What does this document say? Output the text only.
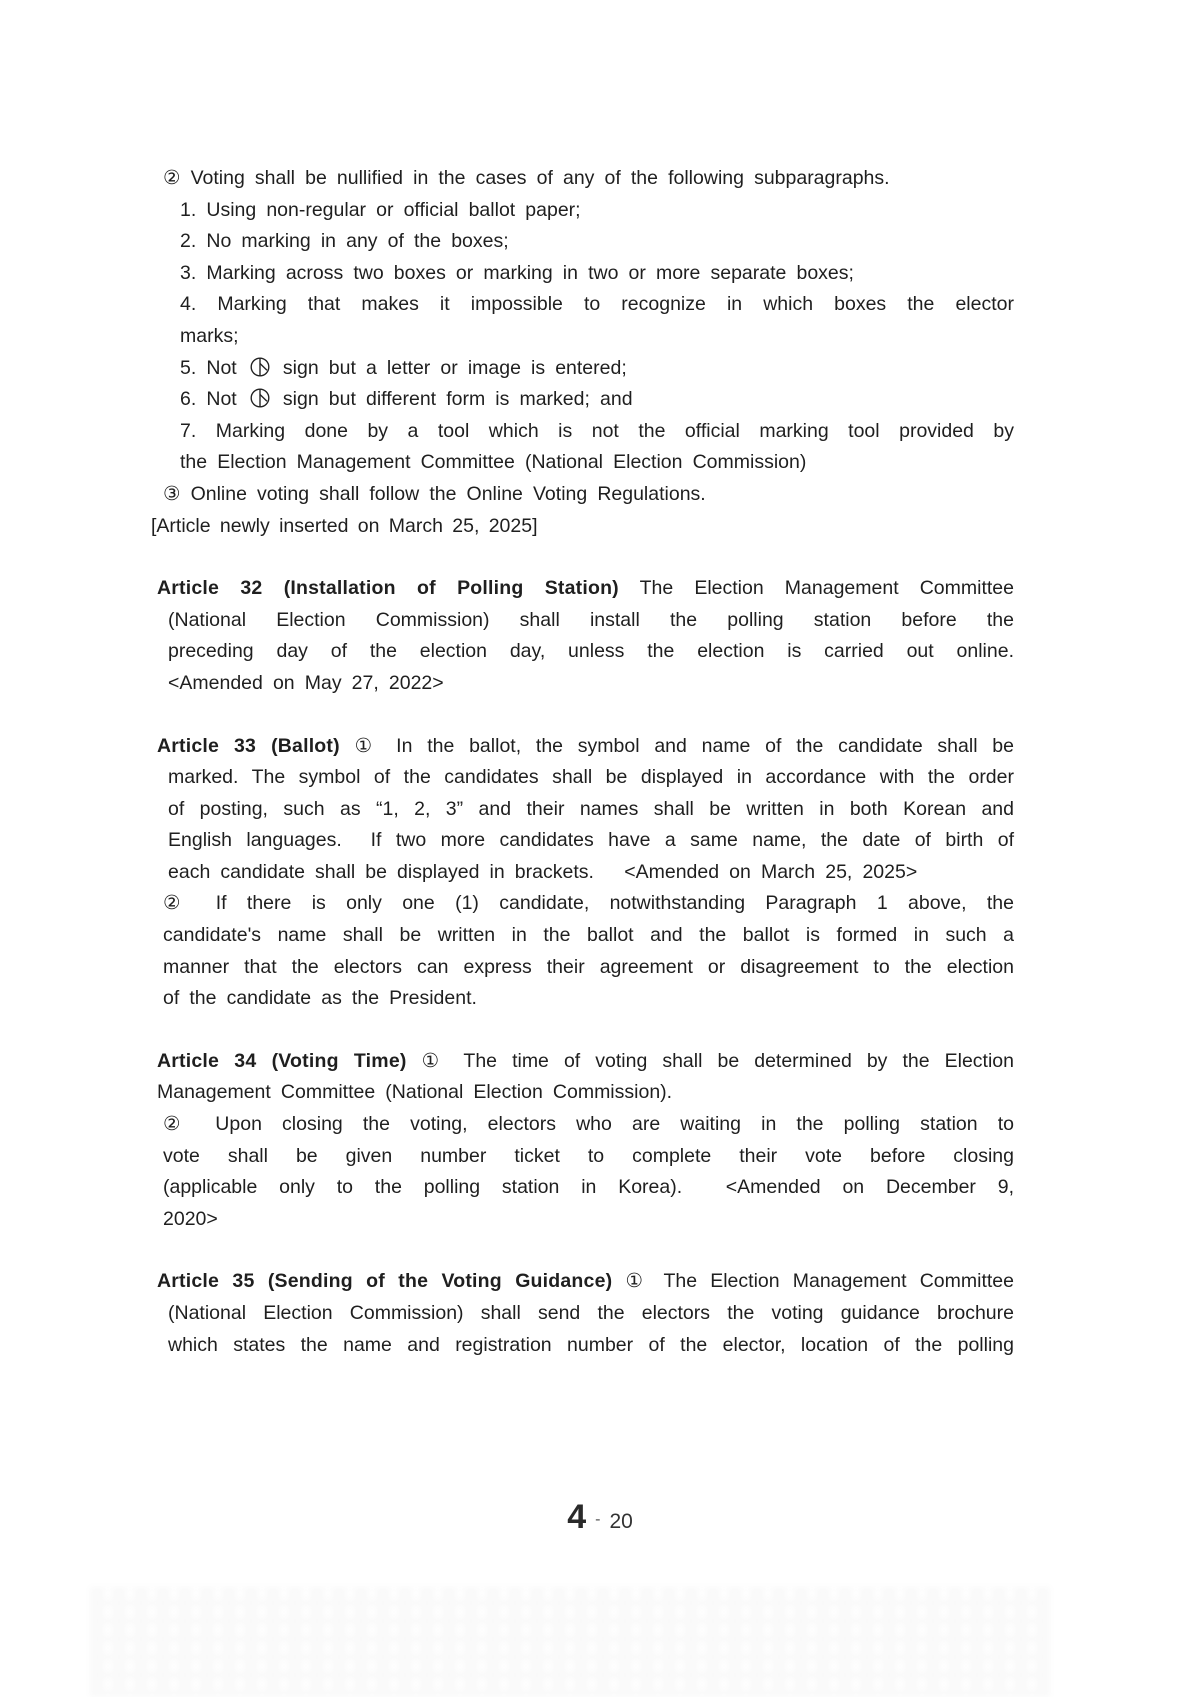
② Voting shall be nullified in the cases of any of the following subparagraphs.
1. Using non-regular or official ballot paper;
2. No marking in any of the boxes;
3. Marking across two boxes or marking in two or more separate boxes;
4. Marking that makes it impossible to recognize in which boxes the elector
marks;
5. Not  sign but a letter or image is entered;
6. Not  sign but different form is marked; and
7. Marking done by a tool which is not the official marking tool provided by
the Election Management Committee (National Election Commission)
③ Online voting shall follow the Online Voting Regulations.
[Article newly inserted on March 25, 2025]
Article 32 (Installation of Polling Station) The Election Management Committee
(National Election Commission) shall install the polling station before the
preceding day of the election day, unless the election is carried out online.
<Amended on May 27, 2022>
Article 33 (Ballot) ① In the ballot, the symbol and name of the candidate shall be
marked. The symbol of the candidates shall be displayed in accordance with the order
of posting, such as “1, 2, 3” and their names shall be written in both Korean and
English languages.  If two more candidates have a same name, the date of birth of
each candidate shall be displayed in brackets.   <Amended on March 25, 2025>
② If there is only one (1) candidate, notwithstanding Paragraph 1 above, the
candidate's name shall be written in the ballot and the ballot is formed in such a
manner that the electors can express their agreement or disagreement to the election
of the candidate as the President.
Article 34 (Voting Time) ① The time of voting shall be determined by the Election
Management Committee (National Election Commission).
② Upon closing the voting, electors who are waiting in the polling station to
vote shall be given number ticket to complete their vote before closing
(applicable only to the polling station in Korea).  <Amended on December 9,
2020>
Article 35 (Sending of the Voting Guidance) ① The Election Management Committee
(National Election Commission) shall send the electors the voting guidance brochure
which states the name and registration number of the elector, location of the polling
4 - 20
